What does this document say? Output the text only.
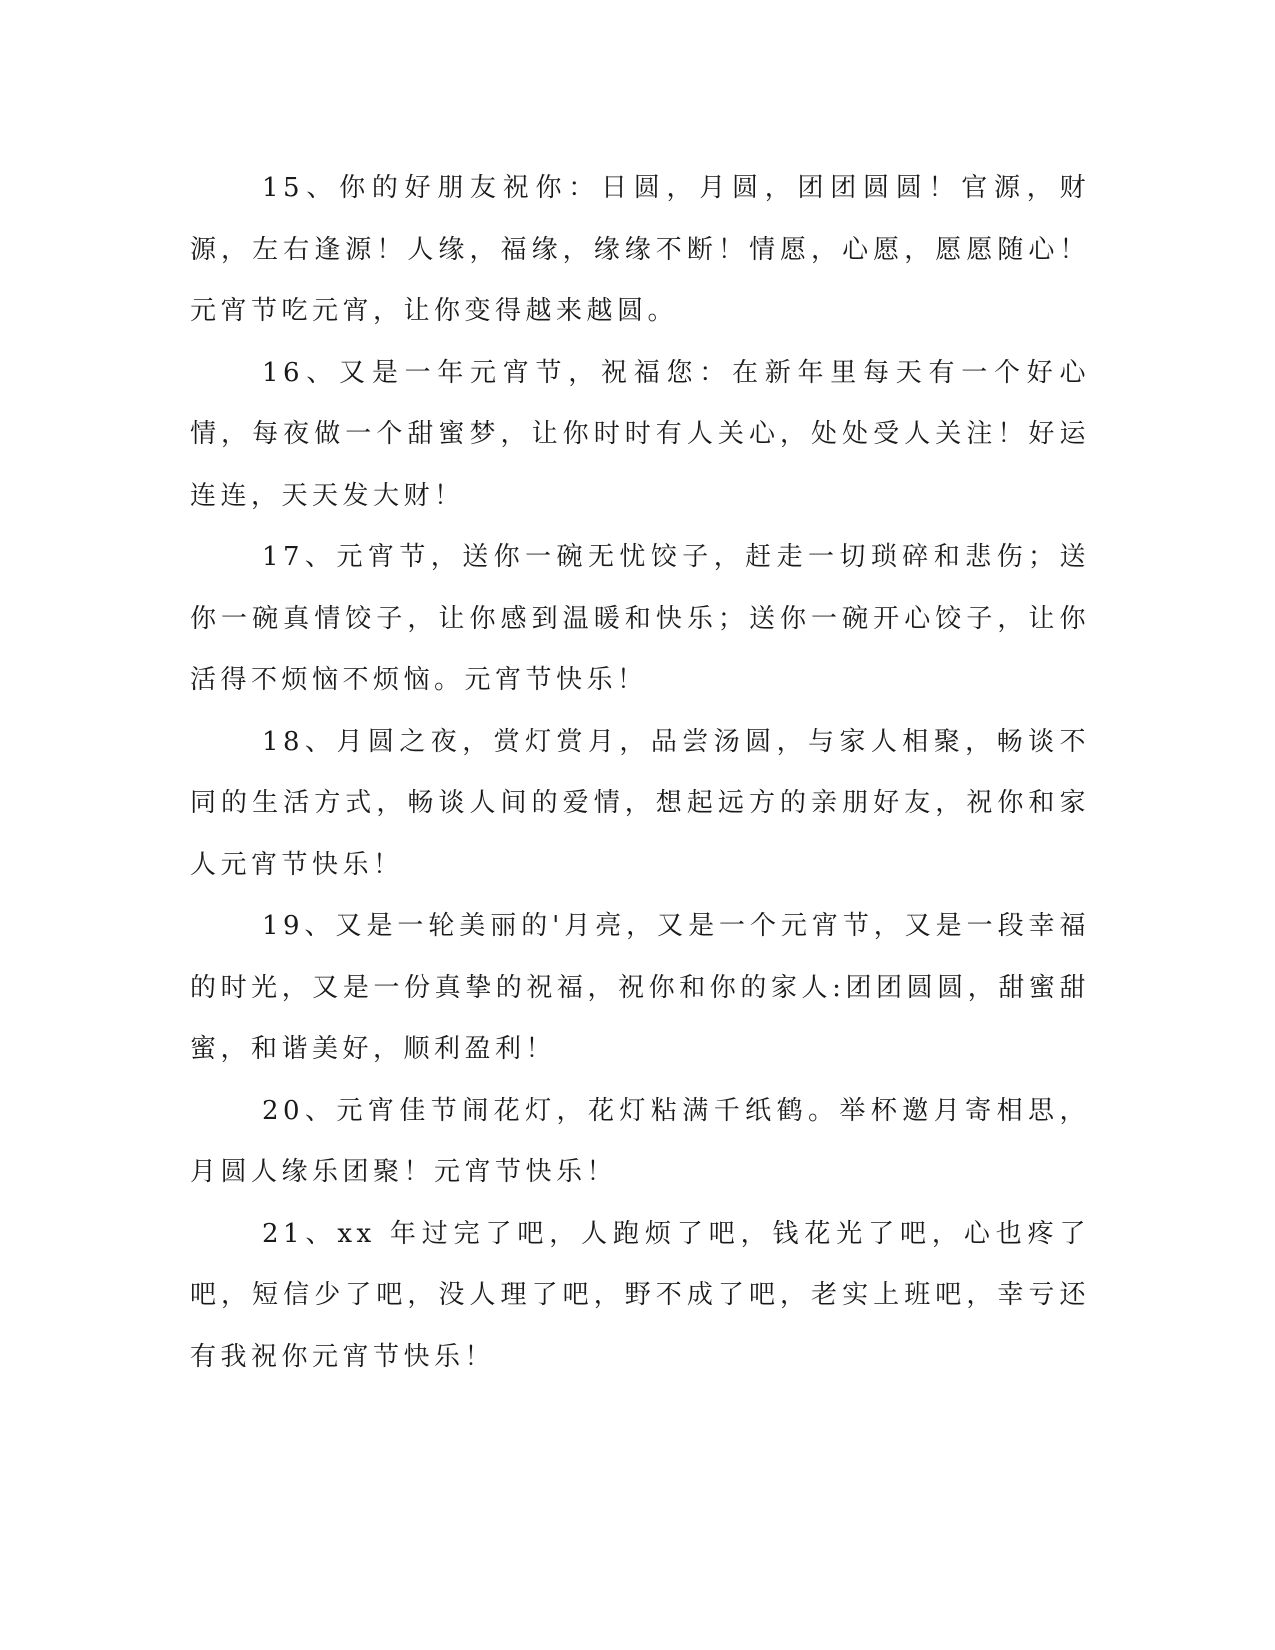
15、你的好朋友祝你：日圆，月圆，团团圆圆！官源，财源，左右逢源！人缘，福缘，缘缘不断！情愿，心愿，愿愿随心！元宵节吃元宵，让你变得越来越圆。

16、又是一年元宵节，祝福您：在新年里每天有一个好心情，每夜做一个甜蜜梦，让你时时有人关心，处处受人关注！好运连连，天天发大财！

17、元宵节，送你一碗无忧饺子，赶走一切琐碎和悲伤；送你一碗真情饺子，让你感到温暖和快乐；送你一碗开心饺子，让你活得不烦恼不烦恼。元宵节快乐！

18、月圆之夜，赏灯赏月，品尝汤圆，与家人相聚，畅谈不同的生活方式，畅谈人间的爱情，想起远方的亲朋好友，祝你和家人元宵节快乐！

19、又是一轮美丽的'月亮，又是一个元宵节，又是一段幸福的时光，又是一份真挚的祝福，祝你和你的家人:团团圆圆，甜蜜甜蜜，和谐美好，顺利盈利！

20、元宵佳节闹花灯，花灯粘满千纸鹤。举杯邀月寄相思，月圆人缘乐团聚！元宵节快乐！

21、xx 年过完了吧，人跑烦了吧，钱花光了吧，心也疼了吧，短信少了吧，没人理了吧，野不成了吧，老实上班吧，幸亏还有我祝你元宵节快乐！
